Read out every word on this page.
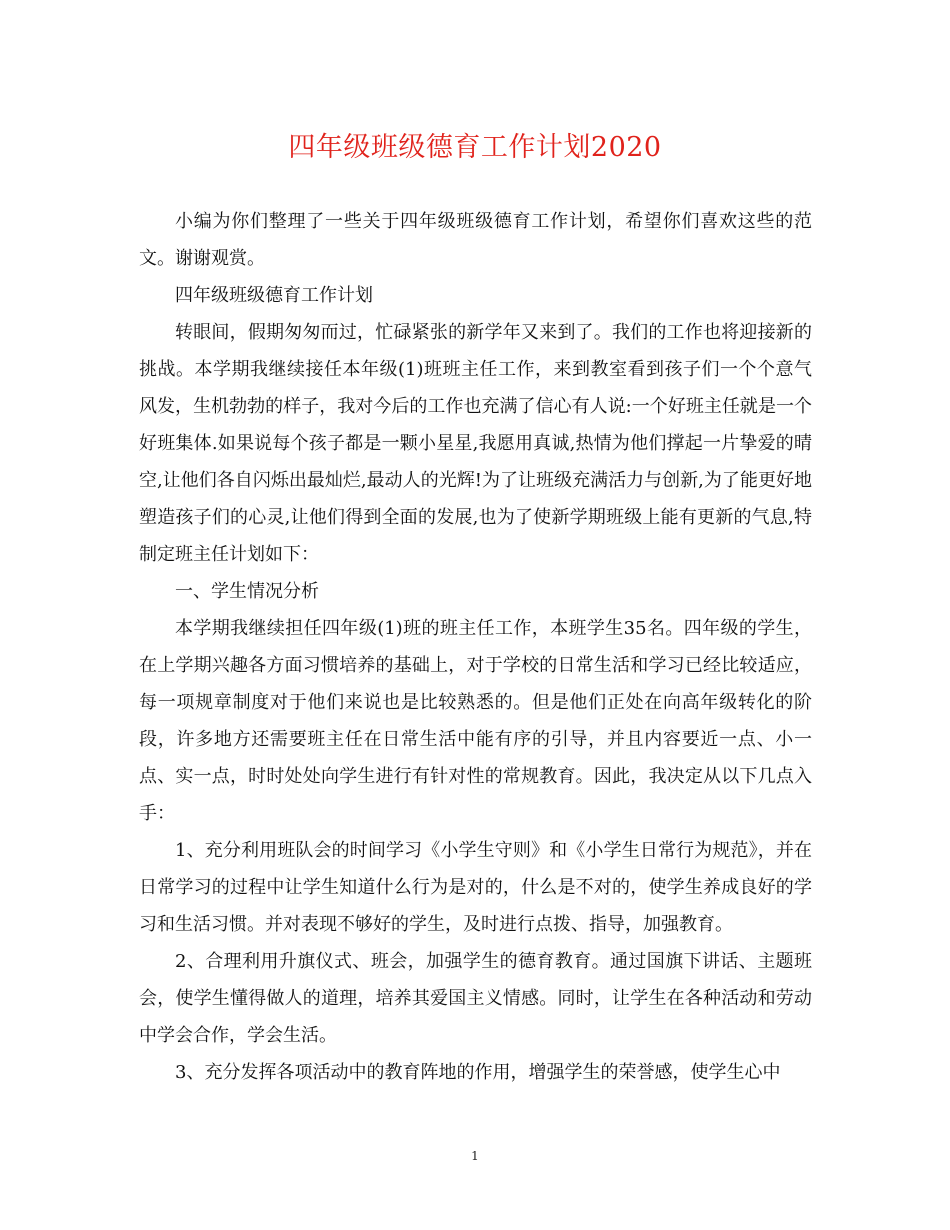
四年级班级德育工作计划2020

小编为你们整理了一些关于四年级班级德育工作计划，希望你们喜欢这些的范文。谢谢观赏。

四年级班级德育工作计划

转眼间，假期匆匆而过，忙碌紧张的新学年又来到了。我们的工作也将迎接新的挑战。本学期我继续接任本年级(1)班班主任工作，来到教室看到孩子们一个个意气风发，生机勃勃的样子，我对今后的工作也充满了信心有人说:一个好班主任就是一个好班集体.如果说每个孩子都是一颗小星星,我愿用真诚,热情为他们撑起一片挚爱的晴空,让他们各自闪烁出最灿烂,最动人的光辉!为了让班级充满活力与创新,为了能更好地塑造孩子们的心灵,让他们得到全面的发展,也为了使新学期班级上能有更新的气息,特制定班主任计划如下：

一、学生情况分析

本学期我继续担任四年级(1)班的班主任工作，本班学生35名。四年级的学生，在上学期兴趣各方面习惯培养的基础上，对于学校的日常生活和学习已经比较适应，每一项规章制度对于他们来说也是比较熟悉的。但是他们正处在向高年级转化的阶段，许多地方还需要班主任在日常生活中能有序的引导，并且内容要近一点、小一点、实一点，时时处处向学生进行有针对性的常规教育。因此，我决定从以下几点入手：

1、充分利用班队会的时间学习《小学生守则》和《小学生日常行为规范》，并在日常学习的过程中让学生知道什么行为是对的，什么是不对的，使学生养成良好的学习和生活习惯。并对表现不够好的学生，及时进行点拨、指导，加强教育。

2、合理利用升旗仪式、班会，加强学生的德育教育。通过国旗下讲话、主题班会，使学生懂得做人的道理，培养其爱国主义情感。同时，让学生在各种活动和劳动中学会合作，学会生活。

3、充分发挥各项活动中的教育阵地的作用，增强学生的荣誉感，使学生心中

1
